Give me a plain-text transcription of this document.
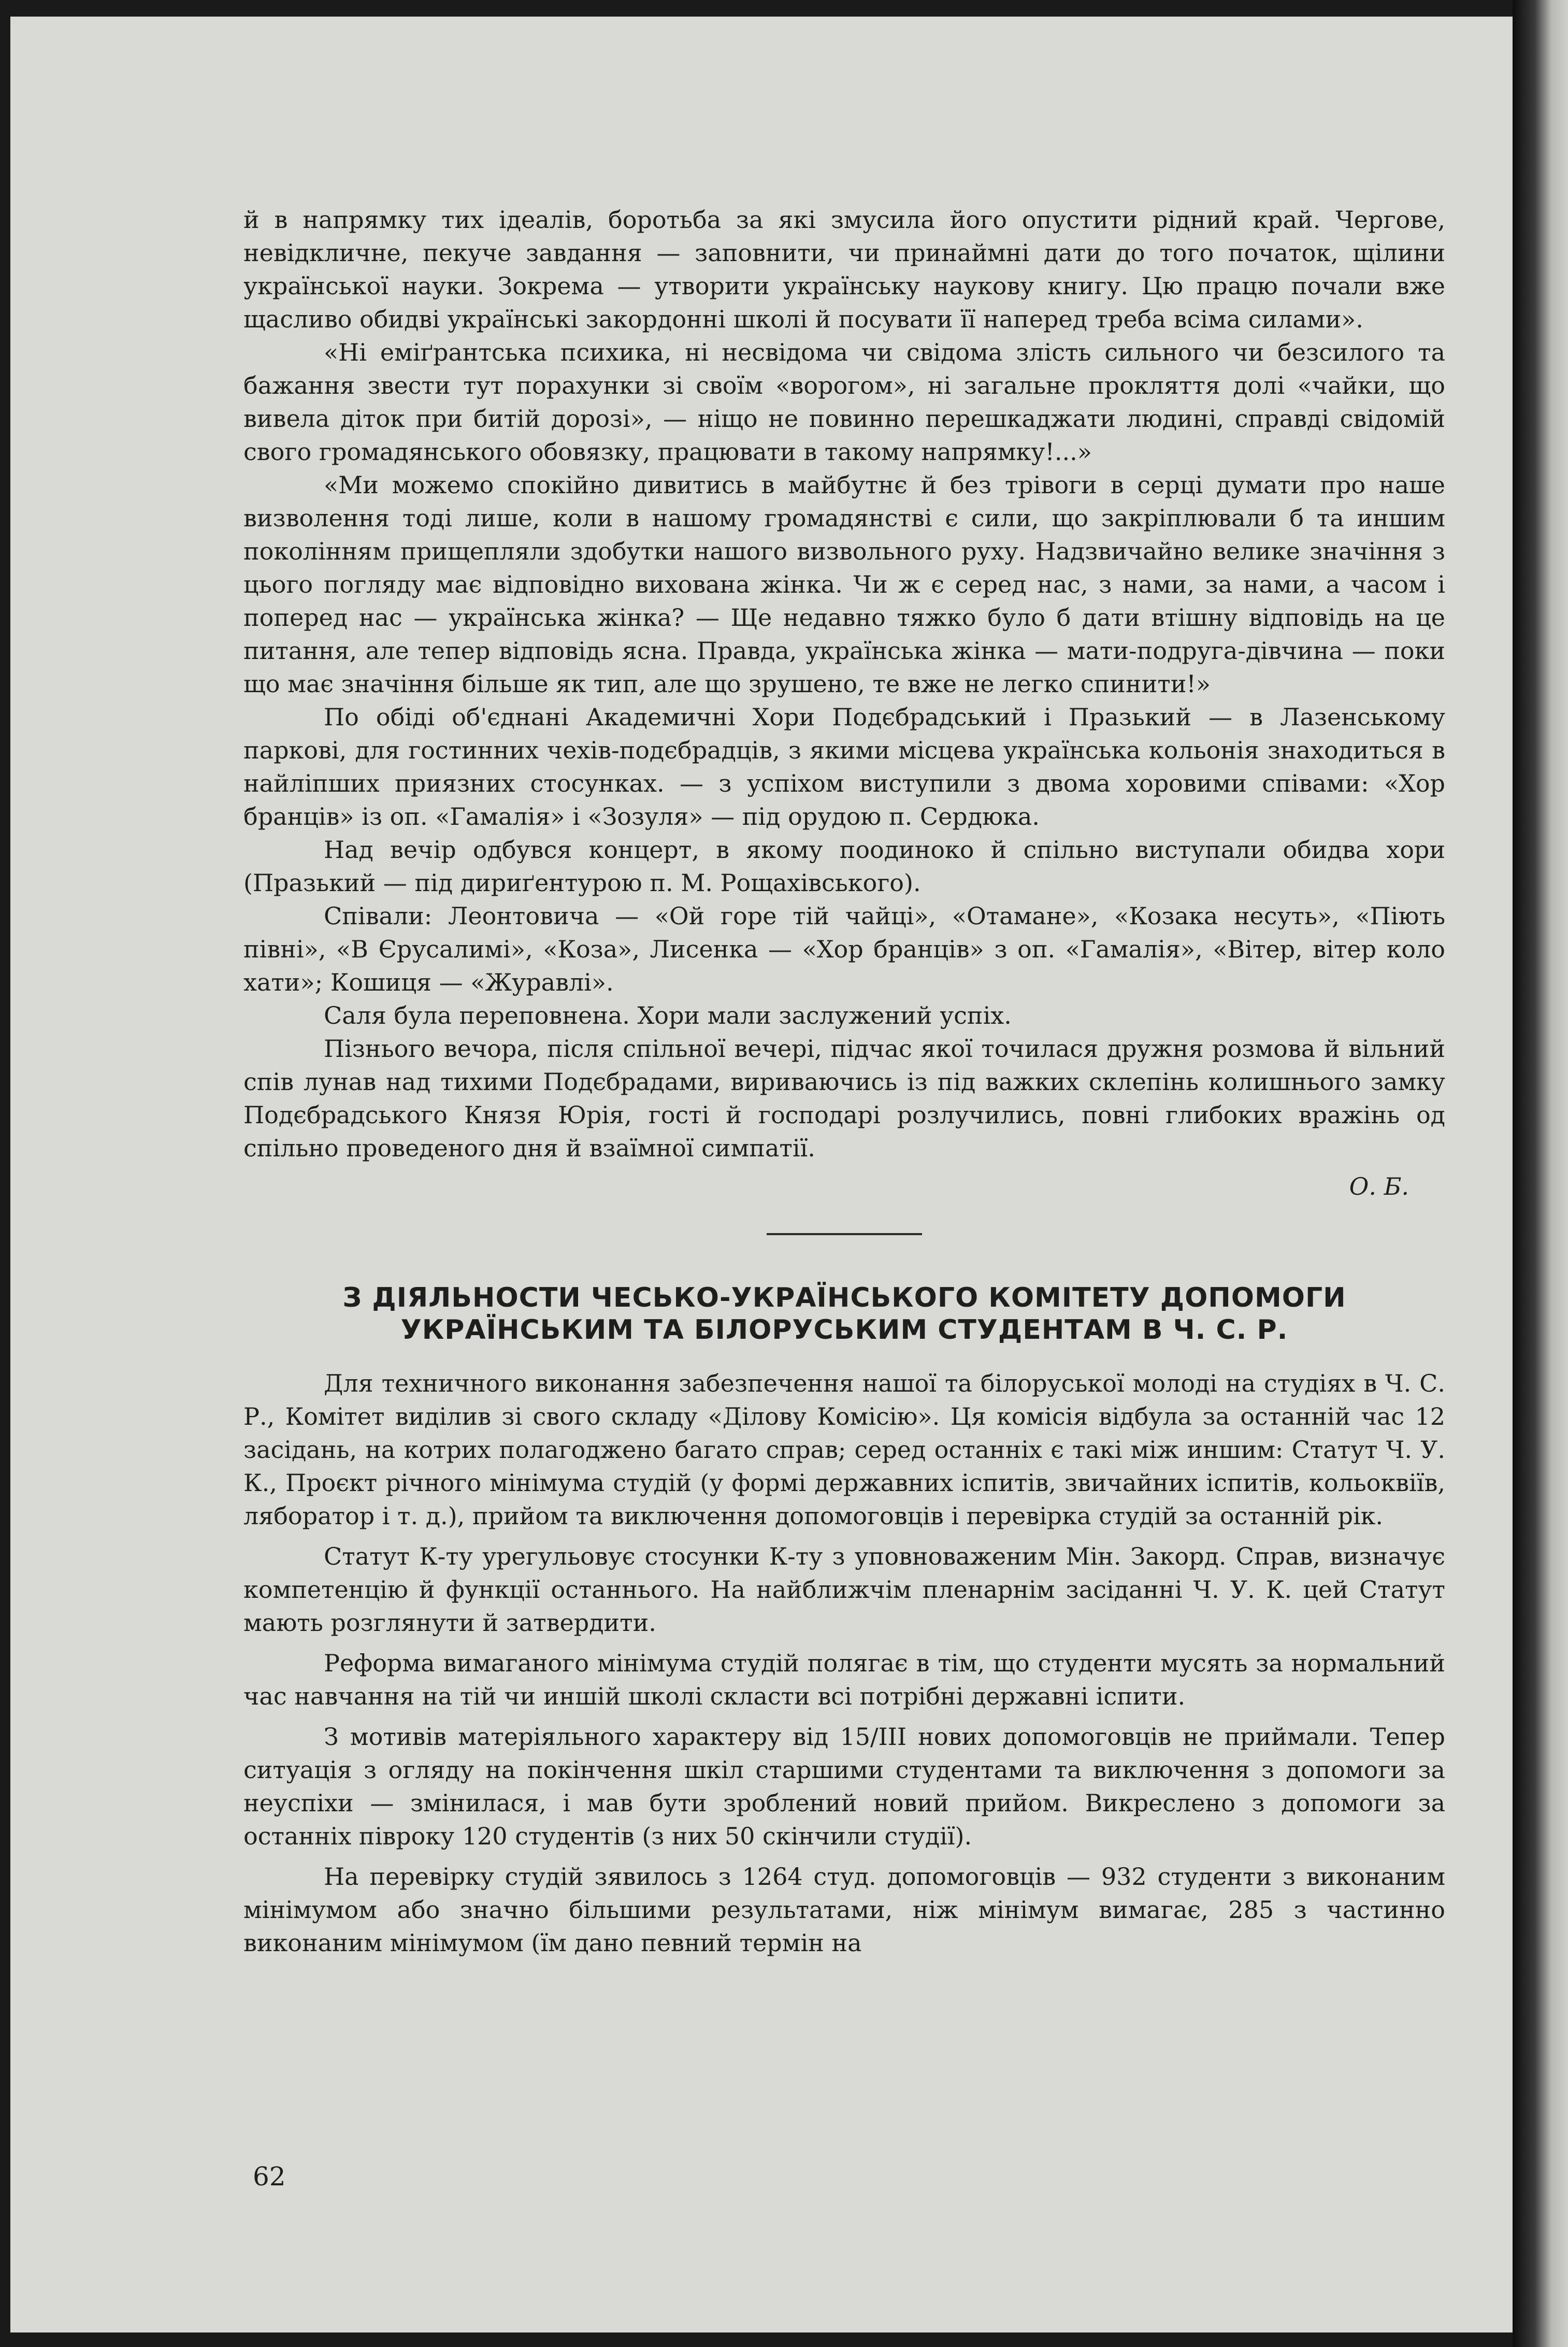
й в напрямку тих ідеалів, боротьба за які змусила його опустити рідний край. Чергове, невідкличне, пекуче завдання — заповнити, чи принаймні дати до того початок, щілини української науки. Зокрема — утворити українську наукову книгу. Цю працю почали вже щасливо обидві українські закордонні школі й посувати її наперед треба всіма силами».

«Ні еміґрантська психика, ні несвідома чи свідома злість сильного чи безсилого та бажання звести тут порахунки зі своїм «ворогом», ні загальне прокляття долі «чайки, що вивела діток при битій дорозі», — ніщо не повинно перешкаджати людині, справді свідомій свого громадянського обовязку, працювати в такому напрямку!...»

«Ми можемо спокійно дивитись в майбутнє й без трівоги в серці думати про наше визволення тоді лише, коли в нашому громадянстві є сили, що закріплювали б та иншим поколінням прищепляли здобутки нашого визвольного руху. Надзвичайно велике значіння з цього погляду має відповідно вихована жінка. Чи ж є серед нас, з нами, за нами, а часом і поперед нас — українська жінка? — Ще недавно тяжко було б дати втішну відповідь на це питання, але тепер відповідь ясна. Правда, українська жінка — мати-подруга-дівчина — поки що має значіння більше як тип, але що зрушено, те вже не легко спинити!»

По обіді об'єднані Академичні Хори Подєбрадський і Празький — в Лазенському паркові, для гостинних чехів-подєбрадців, з якими місцева українська кольонія знаходиться в найліпших приязних стосунках. — з успіхом виступили з двома хоровими співами: «Хор бранців» із оп. «Гамалія» і «Зозуля» — під орудою п. Сердюка.

Над вечір одбувся концерт, в якому поодиноко й спільно виступали обидва хори (Празький — під дириґентурою п. М. Рощахівського).

Співали: Леонтовича — «Ой горе тій чайці», «Отамане», «Козака несуть», «Піють півні», «В Єрусалимі», «Коза», Лисенка — «Хор бранців» з оп. «Гамалія», «Вітер, вітер коло хати»; Кошиця — «Журавлі».

Саля була переповнена. Хори мали заслужений успіх.

Пізнього вечора, після спільної вечері, підчас якої точилася дружня розмова й вільний спів лунав над тихими Подєбрадами, вириваючись із під важких склепінь колишнього замку Подєбрадського Князя Юрія, гості й господарі розлучились, повні глибоких вражінь од спільно проведеного дня й взаїмної симпатії.

О. Б.
З ДІЯЛЬНОСТИ ЧЕСЬКО-УКРАЇНСЬКОГО КОМІТЕТУ ДОПОМОГИ УКРАЇНСЬКИМ ТА БІЛОРУСЬКИМ СТУДЕНТАМ В Ч. С. Р.

Для техничного виконання забезпечення нашої та білоруської молоді на студіях в Ч. С. Р., Комітет виділив зі свого складу «Ділову Комісію». Ця комісія відбула за останній час 12 засідань, на котрих полагоджено багато справ; серед останніх є такі між иншим: Статут Ч. У. К., Проєкт річного мінімума студій (у формі державних іспитів, звичайних іспитів, кольоквіїв, ляборатор і т. д.), прийом та виключення допомоговців і перевірка студій за останній рік.

Статут К-ту урегульовує стосунки К-ту з уповноваженим Мін. Закорд. Справ, визначує компетенцію й функції останнього. На найближчім пленарнім засіданні Ч. У. К. цей Статут мають розглянути й затвердити.

Реформа вимаганого мінімума студій полягає в тім, що студенти мусять за нормальний час навчання на тій чи иншій школі скласти всі потрібні державні іспити.

З мотивів матеріяльного характеру від 15/ІІІ нових допомоговців не приймали. Тепер ситуація з огляду на покінчення шкіл старшими студентами та виключення з допомоги за неуспіхи — змінилася, і мав бути зроблений новий прийом. Викреслено з допомоги за останніх півроку 120 студентів (з них 50 скінчили студії).

На перевірку студій зявилось з 1264 студ. допомоговців — 932 студенти з виконаним мінімумом або значно більшими результатами, ніж мінімум вимагає, 285 з частинно виконаним мінімумом (їм дано певний термін на

62
